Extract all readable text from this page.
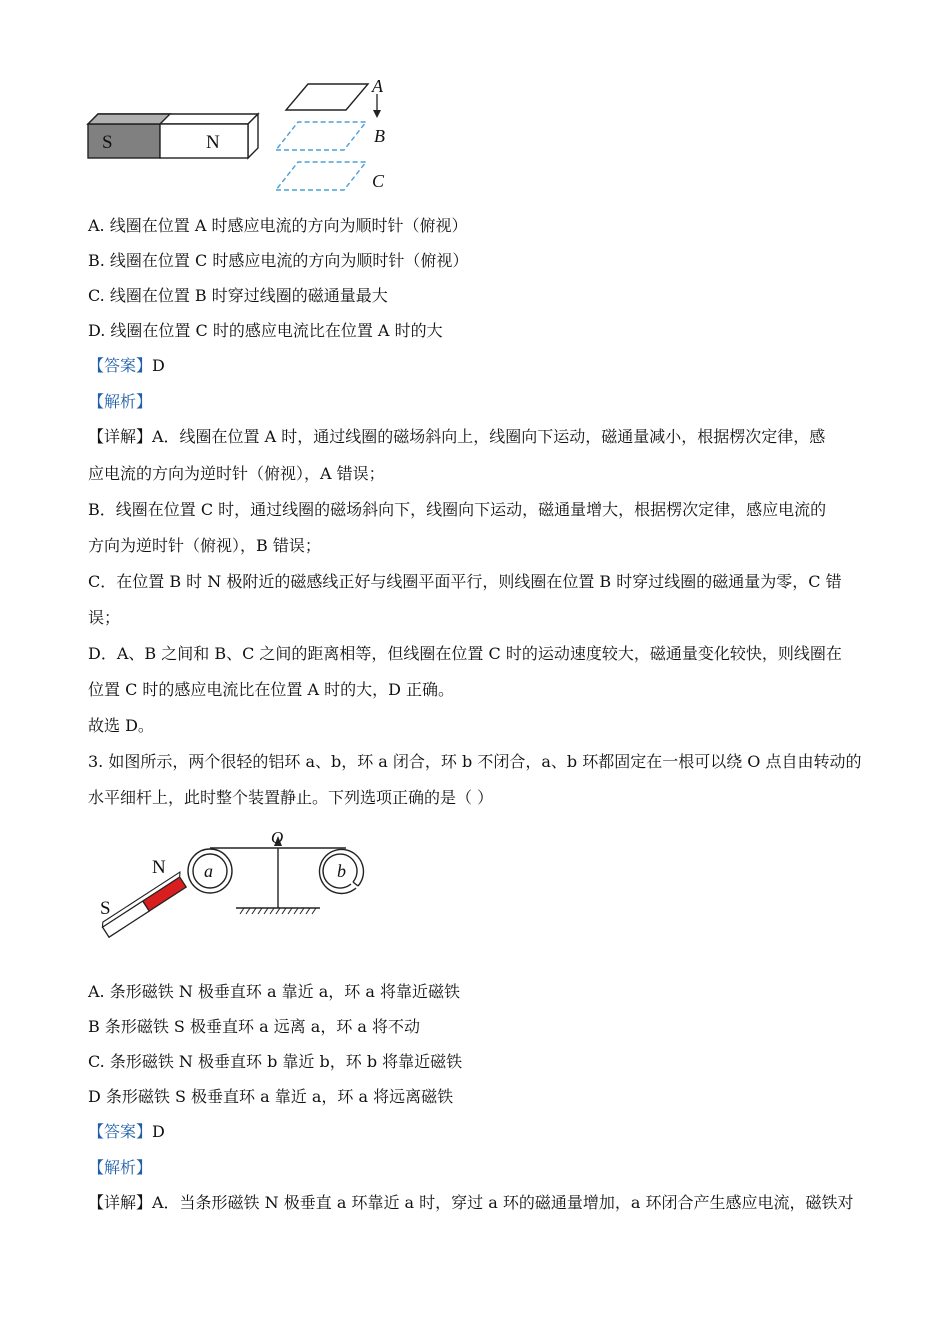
S	N
A
B
C
A. 线圈在位置 A 时感应电流的方向为顺时针（俯视）
B. 线圈在位置 C 时感应电流的方向为顺时针（俯视）
C. 线圈在位置 B 时穿过线圈的磁通量最大
D. 线圈在位置 C 时的感应电流比在位置 A 时的大
【答案】D
【解析】
【详解】A．线圈在位置 A 时，通过线圈的磁场斜向上，线圈向下运动，磁通量减小，根据楞次定律，感
应电流的方向为逆时针（俯视），A 错误；
B．线圈在位置 C 时，通过线圈的磁场斜向下，线圈向下运动，磁通量增大，根据楞次定律，感应电流的
方向为逆时针（俯视），B 错误；
C．在位置 B 时 N 极附近的磁感线正好与线圈平面平行，则线圈在位置 B 时穿过线圈的磁通量为零，C 错
误；
D．A、B 之间和 B、C 之间的距离相等，但线圈在位置 C 时的运动速度较大，磁通量变化较快，则线圈在
位置 C 时的感应电流比在位置 A 时的大，D 正确。
故选 D。
3. 如图所示，两个很轻的铝环 a、b，环 a 闭合，环 b 不闭合，a、b 环都固定在一根可以绕 O 点自由转动的
水平细杆上，此时整个装置静止。下列选项正确的是（ ）
O
a	b
N
S
A. 条形磁铁 N 极垂直环 a 靠近 a，环 a 将靠近磁铁
B 条形磁铁 S 极垂直环 a 远离 a，环 a 将不动
C. 条形磁铁 N 极垂直环 b 靠近 b，环 b 将靠近磁铁
D 条形磁铁 S 极垂直环 a 靠近 a，环 a 将远离磁铁
【答案】D
【解析】
【详解】A．当条形磁铁 N 极垂直 a 环靠近 a 时，穿过 a 环的磁通量增加，a 环闭合产生感应电流，磁铁对
